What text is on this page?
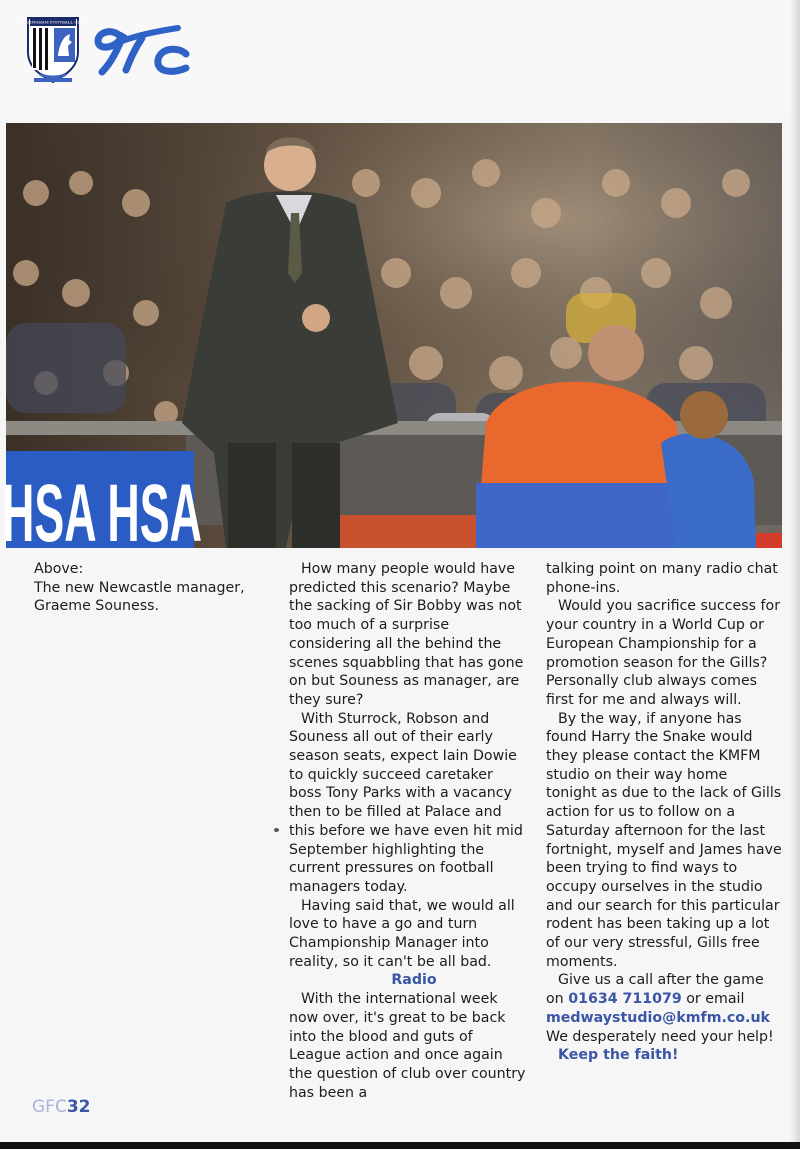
GILLINGHAM FOOTBALL CLUB
HSA HSA

Above:

The new Newcastle manager, Graeme Souness.

How many people would have predicted this scenario? Maybe the sacking of Sir Bobby was not too much of a surprise considering all the behind the scenes squabbling that has gone on but Souness as manager, are they sure?

With Sturrock, Robson and Souness all out of their early season seats, expect Iain Dowie to quickly succeed caretaker boss Tony Parks with a vacancy then to be filled at Palace and this before we have even hit mid September highlighting the current pressures on football managers today.

Having said that, we would all love to have a go and turn Championship Manager into reality, so it can't be all bad.

Radio

With the international week now over, it's great to be back into the blood and guts of League action and once again the question of club over country has been a

talking point on many radio chat phone-ins.

Would you sacrifice success for your country in a World Cup or European Championship for a promotion season for the Gills? Personally club always comes first for me and always will.

By the way, if anyone has found Harry the Snake would they please contact the KMFM studio on their way home tonight as due to the lack of Gills action for us to follow on a Saturday afternoon for the last fortnight, myself and James have been trying to find ways to occupy ourselves in the studio and our search for this particular rodent has been taking up a lot of our very stressful, Gills free moments.

Give us a call after the game on 01634 711079 or email medwaystudio@kmfm.co.uk We desperately need your help!

Keep the faith!

GFC32
